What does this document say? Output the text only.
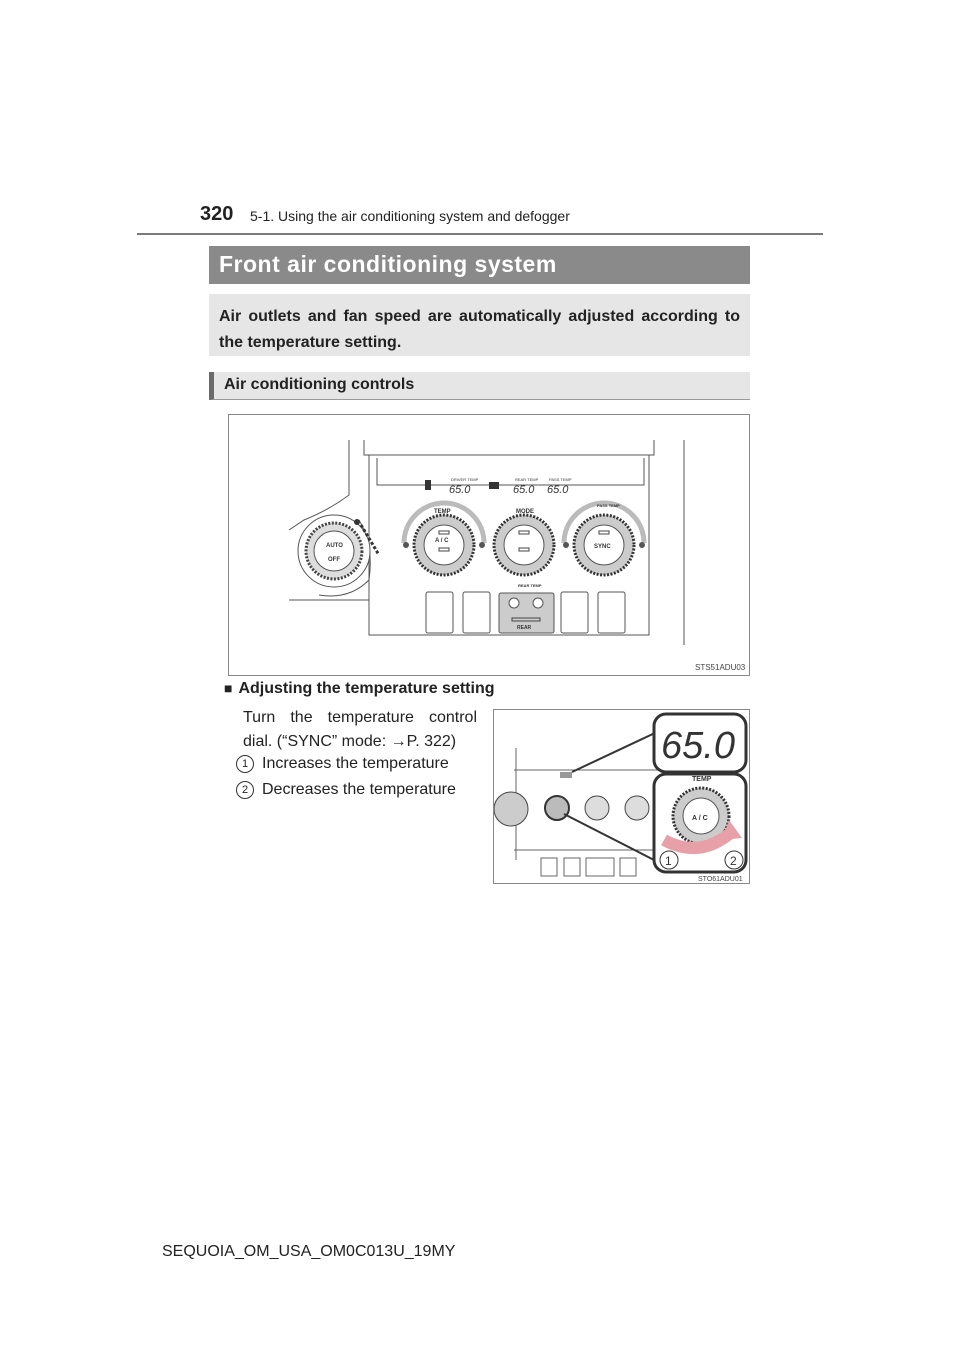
320 5-1. Using the air conditioning system and defogger
Front air conditioning system
Air outlets and fan speed are automatically adjusted according to the temperature setting.
Air conditioning controls
DRIVER TEMP
65.0
REAR TEMP
65.0
PASS TEMP
65.0
AUTO
OFF
TEMP
A / C
MODE
PASS TEMP
SYNC
REAR TEMP
REAR
STS51ADU03
■ Adjusting the temperature setting
Turn the temperature control dial. (“SYNC” mode: →P. 322)
1 Increases the temperature
2 Decreases the temperature
65.0
TEMP
A / C
1	2
STO61ADU01
SEQUOIA_OM_USA_OM0C013U_19MY
